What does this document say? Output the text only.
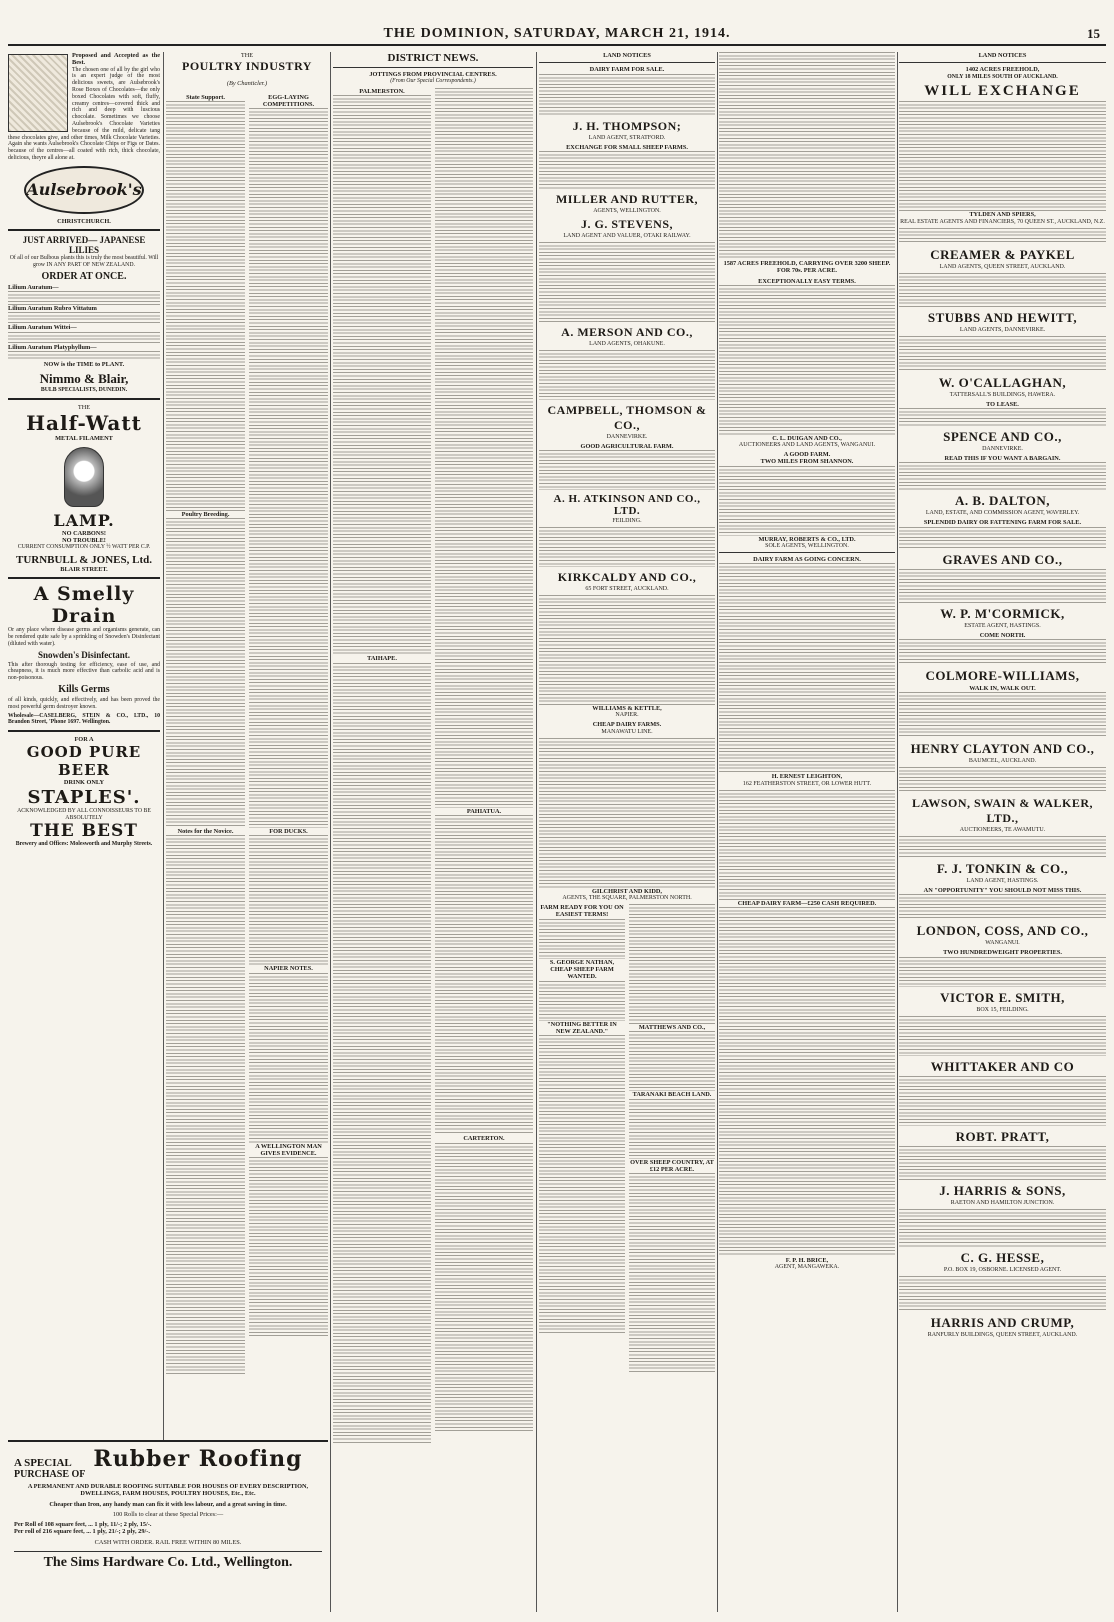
THE DOMINION, SATURDAY, MARCH 21, 1914.	15
Proposed and Accepted as the Best.
The chosen one of all by the girl who is an expert judge of the most delicious sweets, are Aulsebrook's Rose Boxes of Chocolates—the only boxed Chocolates with soft, fluffy, creamy centres—covered thick and rich and deep with luscious chocolate. Sometimes we choose Aulsebrook's Chocolate Varieties because of the mild, delicate tang these chocolates give, and other times, Milk Chocolate Varieties. Again she wants Aulsebrook's Chocolate Chips or Figs or Dates. because of the centres—all coated with rich, thick chocolate, delicious, theyre all alone at.
Aulsebrook's
CHRISTCHURCH.
JUST ARRIVED— JAPANESE LILIES
Of all of our Bulbous plants this is truly the most beautiful. Will grow IN ANY PART OF NEW ZEALAND.
ORDER AT ONCE.
Lilium Auratum—
Lilium Auratum Rubro Vittatum
Lilium Auratum Wittei—
Lilium Auratum Platyphyllum—
NOW is the TIME to PLANT.
Nimmo & Blair,
BULB SPECIALISTS, DUNEDIN.
THE
Half-Watt
METAL FILAMENT
LAMP.
NO CARBONS!
NO TROUBLE!
CURRENT CONSUMPTION ONLY ½ WATT PER C.P.
TURNBULL & JONES, Ltd.
BLAIR STREET.
A Smelly
Drain
Or any place where disease germs and organisms generate, can be rendered quite safe by a sprinkling of Snowden's Disinfectant (diluted with water).
Snowden's Disinfectant.
This after thorough testing for efficiency, ease of use, and cheapness, it is much more effective than carbolic acid and is non-poisonous.
Kills Germs
of all kinds, quickly, and effectively, and has been proved the most powerful germ destroyer known.
Wholesale—CASELBERG, STEIN & CO., LTD., 10 Brandon Street, 'Phone 1697. Wellington.
FOR A
GOOD PURE BEER
DRINK ONLY
STAPLES'.
ACKNOWLEDGED BY ALL CONNOISSEURS TO BE ABSOLUTELY
THE BEST
Brewery and Offices: Molesworth and Murphy Streets.
THE
POULTRY INDUSTRY
(By Chanticler.)
State Support.
Poultry Breeding.
Notes for the Novice.
EGG-LAYING COMPETITIONS.
FOR DUCKS.
NAPIER NOTES.
A WELLINGTON MAN GIVES EVIDENCE.
DISTRICT NEWS.
JOTTINGS FROM PROVINCIAL CENTRES.
(From Our Special Correspondents.)
PALMERSTON.
TAIHAPE.
PAHIATUA.
CARTERTON.
LAND NOTICES
DAIRY FARM FOR SALE.
J. H. THOMPSON;
LAND AGENT, STRATFORD.
EXCHANGE FOR SMALL SHEEP FARMS.
MILLER AND RUTTER,
AGENTS, WELLINGTON.
J. G. STEVENS,
LAND AGENT AND VALUER, OTAKI RAILWAY.
A. MERSON AND CO.,
LAND AGENTS, OHAKUNE.
CAMPBELL, THOMSON & CO.,
DANNEVIRKE.
GOOD AGRICULTURAL FARM.
A. H. ATKINSON AND CO., LTD.
FEILDING.
KIRKCALDY AND CO.,
65 FORT STREET, AUCKLAND.
WILLIAMS & KETTLE,
NAPIER.
CHEAP DAIRY FARMS.
MANAWATU LINE.
GILCHRIST AND KIDD,
AGENTS, THE SQUARE, PALMERSTON NORTH.
FARM READY FOR YOU ON EASIEST TERMS!
S. GEORGE NATHAN,
CHEAP SHEEP FARM WANTED.
"NOTHING BETTER IN NEW ZEALAND."
MATTHEWS AND CO.,
TARANAKI BEACH LAND.
OVER SHEEP COUNTRY, AT £12 PER ACRE.
1587 ACRES FREEHOLD, CARRYING OVER 3200 SHEEP. FOR 70s. PER ACRE.
EXCEPTIONALLY EASY TERMS.
C. L. DUIGAN AND CO.,
AUCTIONEERS AND LAND AGENTS, WANGANUI.
A GOOD FARM.
TWO MILES FROM SHANNON.
MURRAY, ROBERTS & CO., LTD.
SOLE AGENTS, WELLINGTON.
DAIRY FARM AS GOING CONCERN.
H. ERNEST LEIGHTON,
162 FEATHERSTON STREET, OR LOWER HUTT.
CHEAP DAIRY FARM—£250 CASH REQUIRED.
F. P. H. BRICE,
AGENT, MANGAWEKA.
LAND NOTICES
1402 ACRES FREEHOLD,
ONLY 18 MILES SOUTH OF AUCKLAND.
WILL EXCHANGE
TYLDEN AND SPIERS,
REAL ESTATE AGENTS AND FINANCIERS, 70 QUEEN ST., AUCKLAND, N.Z.
CREAMER & PAYKEL
LAND AGENTS, QUEEN STREET, AUCKLAND.
STUBBS AND HEWITT,
LAND AGENTS, DANNEVIRKE.
W. O'CALLAGHAN,
TATTERSALL'S BUILDINGS, HAWERA.
TO LEASE.
SPENCE AND CO.,
DANNEVIRKE.
READ THIS IF YOU WANT A BARGAIN.
A. B. DALTON,
LAND, ESTATE, AND COMMISSION AGENT, WAVERLEY.
SPLENDID DAIRY OR FATTENING FARM FOR SALE.
GRAVES AND CO.,
W. P. M'CORMICK,
ESTATE AGENT, HASTINGS.
COME NORTH.
COLMORE-WILLIAMS,
WALK IN, WALK OUT.
HENRY CLAYTON AND CO.,
BAUMCEL, AUCKLAND.
LAWSON, SWAIN & WALKER, LTD.,
AUCTIONEERS, TE AWAMUTU.
F. J. TONKIN & CO.,
LAND AGENT, HASTINGS.
AN "OPPORTUNITY" YOU SHOULD NOT MISS THIS.
LONDON, COSS, AND CO.,
WANGANUI.
TWO HUNDREDWEIGHT PROPERTIES.
VICTOR E. SMITH,
BOX 15, FEILDING.
WHITTAKER AND CO
ROBT. PRATT,
J. HARRIS & SONS,
RAETON AND HAMILTON JUNCTION.
C. G. HESSE,
P.O. BOX 19, OSBORNE. LICENSED AGENT.
HARRIS AND CRUMP,
RANFURLY BUILDINGS, QUEEN STREET, AUCKLAND.
A SPECIAL
PURCHASE OF
Rubber Roofing
A PERMANENT AND DURABLE ROOFING SUITABLE FOR HOUSES OF EVERY DESCRIPTION, DWELLINGS, FARM HOUSES, POULTRY HOUSES, Etc., Etc.
Cheaper than Iron, any handy man can fix it with less labour, and a great saving in time.
100 Rolls to clear at these Special Prices:—
Per Roll of 108 square feet, ... 1 ply, 11/-; 2 ply, 15/-.
Per roll of 216 square feet, ... 1 ply, 21/-; 2 ply, 29/-.
CASH WITH ORDER. RAIL FREE WITHIN 80 MILES.
The Sims Hardware Co. Ltd., Wellington.
